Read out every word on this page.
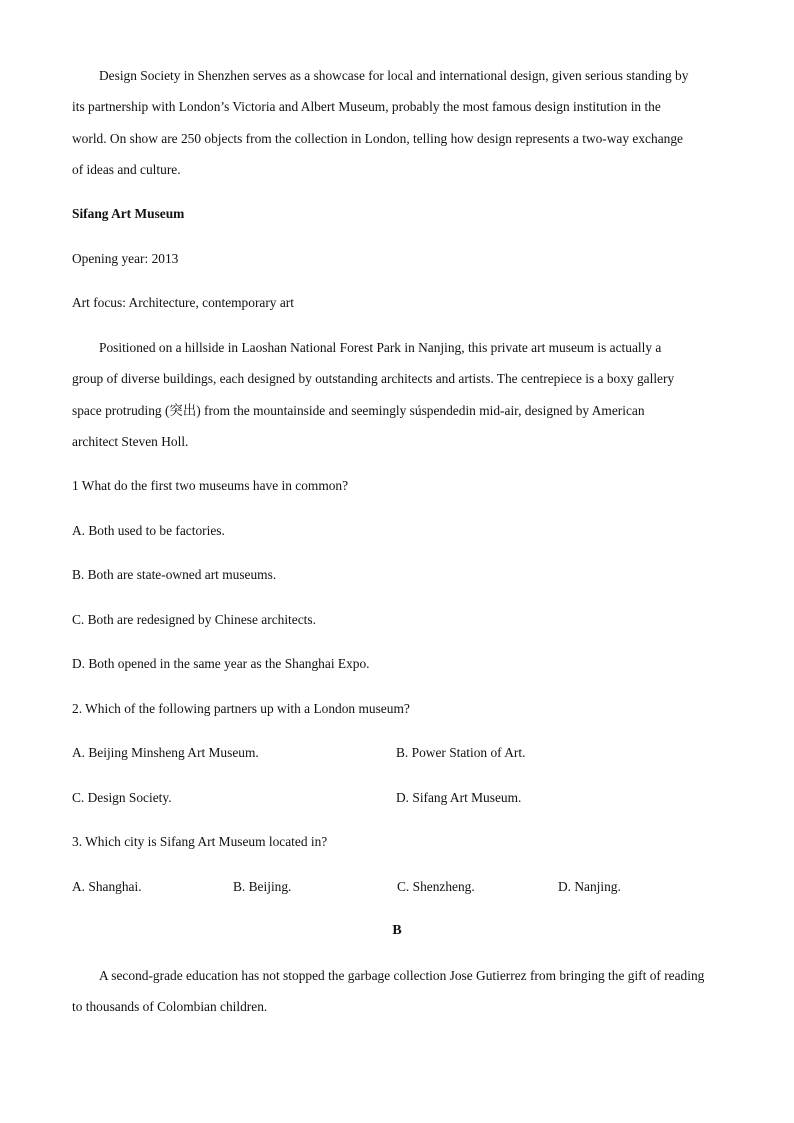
Design Society in Shenzhen serves as a showcase for local and international design, given serious standing by
its partnership with London’s Victoria and Albert Museum, probably the most famous design institution in the
world. On show are 250 objects from the collection in London, telling how design represents a two-way exchange
of ideas and culture.
Sifang Art Museum
Opening year: 2013
Art focus: Architecture, contemporary art
Positioned on a hillside in Laoshan National Forest Park in Nanjing, this private art museum is actually a
group of diverse buildings, each designed by outstanding architects and artists. The centrepiece is a boxy gallery
space protruding (突出) from the mountainside and seemingly súspendedin mid-air, designed by American
architect Steven Holl.
1 What do the first two museums have in common?
A. Both used to be factories.
B. Both are state-owned art museums.
C. Both are redesigned by Chinese architects.
D. Both opened in the same year as the Shanghai Expo.
2. Which of the following partners up with a London museum?
A. Beijing Minsheng Art Museum.	B. Power Station of Art.
C. Design Society.	D. Sifang Art Museum.
3. Which city is Sifang Art Museum located in?
A. Shanghai.	B. Beijing.	C. Shenzheng.	D. Nanjing.
B
A second-grade education has not stopped the garbage collection Jose Gutierrez from bringing the gift of reading
to thousands of Colombian children.
